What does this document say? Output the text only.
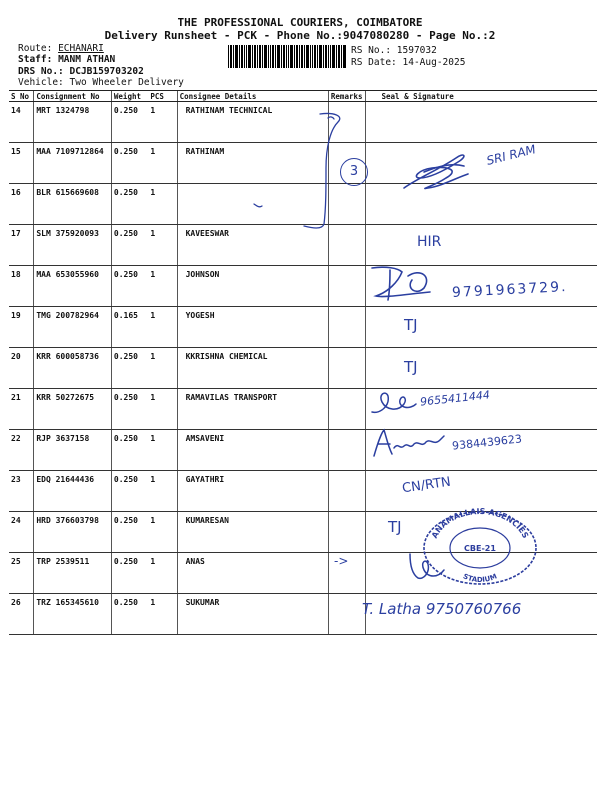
THE PROFESSIONAL COURIERS, COIMBATORE
Delivery Runsheet - PCK - Phone No.:9047080280 - Page No.:2
Route: ECHANARI
Staff: MANM ATHAN
DRS No.: DCJB159703202
Vehicle: Two Wheeler Delivery
RS No.: 1597032
RS Date: 14-Aug-2025
S No	Consignment No	Weight	PCS	Consignee Details	Remarks	Seal & Signature
14	MRT 1324798	0.250	1	RATHINAM TECHNICAL		
15	MAA 7109712864	0.250	1	RATHINAM		
16	BLR 615669608	0.250	1			
17	SLM 375920093	0.250	1	KAVEESWAR		
18	MAA 653055960	0.250	1	JOHNSON		
19	TMG 200782964	0.165	1	YOGESH		
20	KRR 600058736	0.250	1	KKRISHNA CHEMICAL		
21	KRR 50272675	0.250	1	RAMAVILAS TRANSPORT		
22	RJP 3637158	0.250	1	AMSAVENI		
23	EDQ 21644436	0.250	1	GAYATHRI		
24	HRD 376603798	0.250	1	KUMARESAN		
25	TRP 2539511	0.250	1	ANAS		
26	TRZ 165345610	0.250	1	SUKUMAR		
3
SRI RAM
HIR
9791963729.
TJ
TJ
9655411444
9384439623
CN/RTN
TJ	ANAMALLAIS AGENCIES
CBE-21
STADIUM
->
T. Latha 9750760766
